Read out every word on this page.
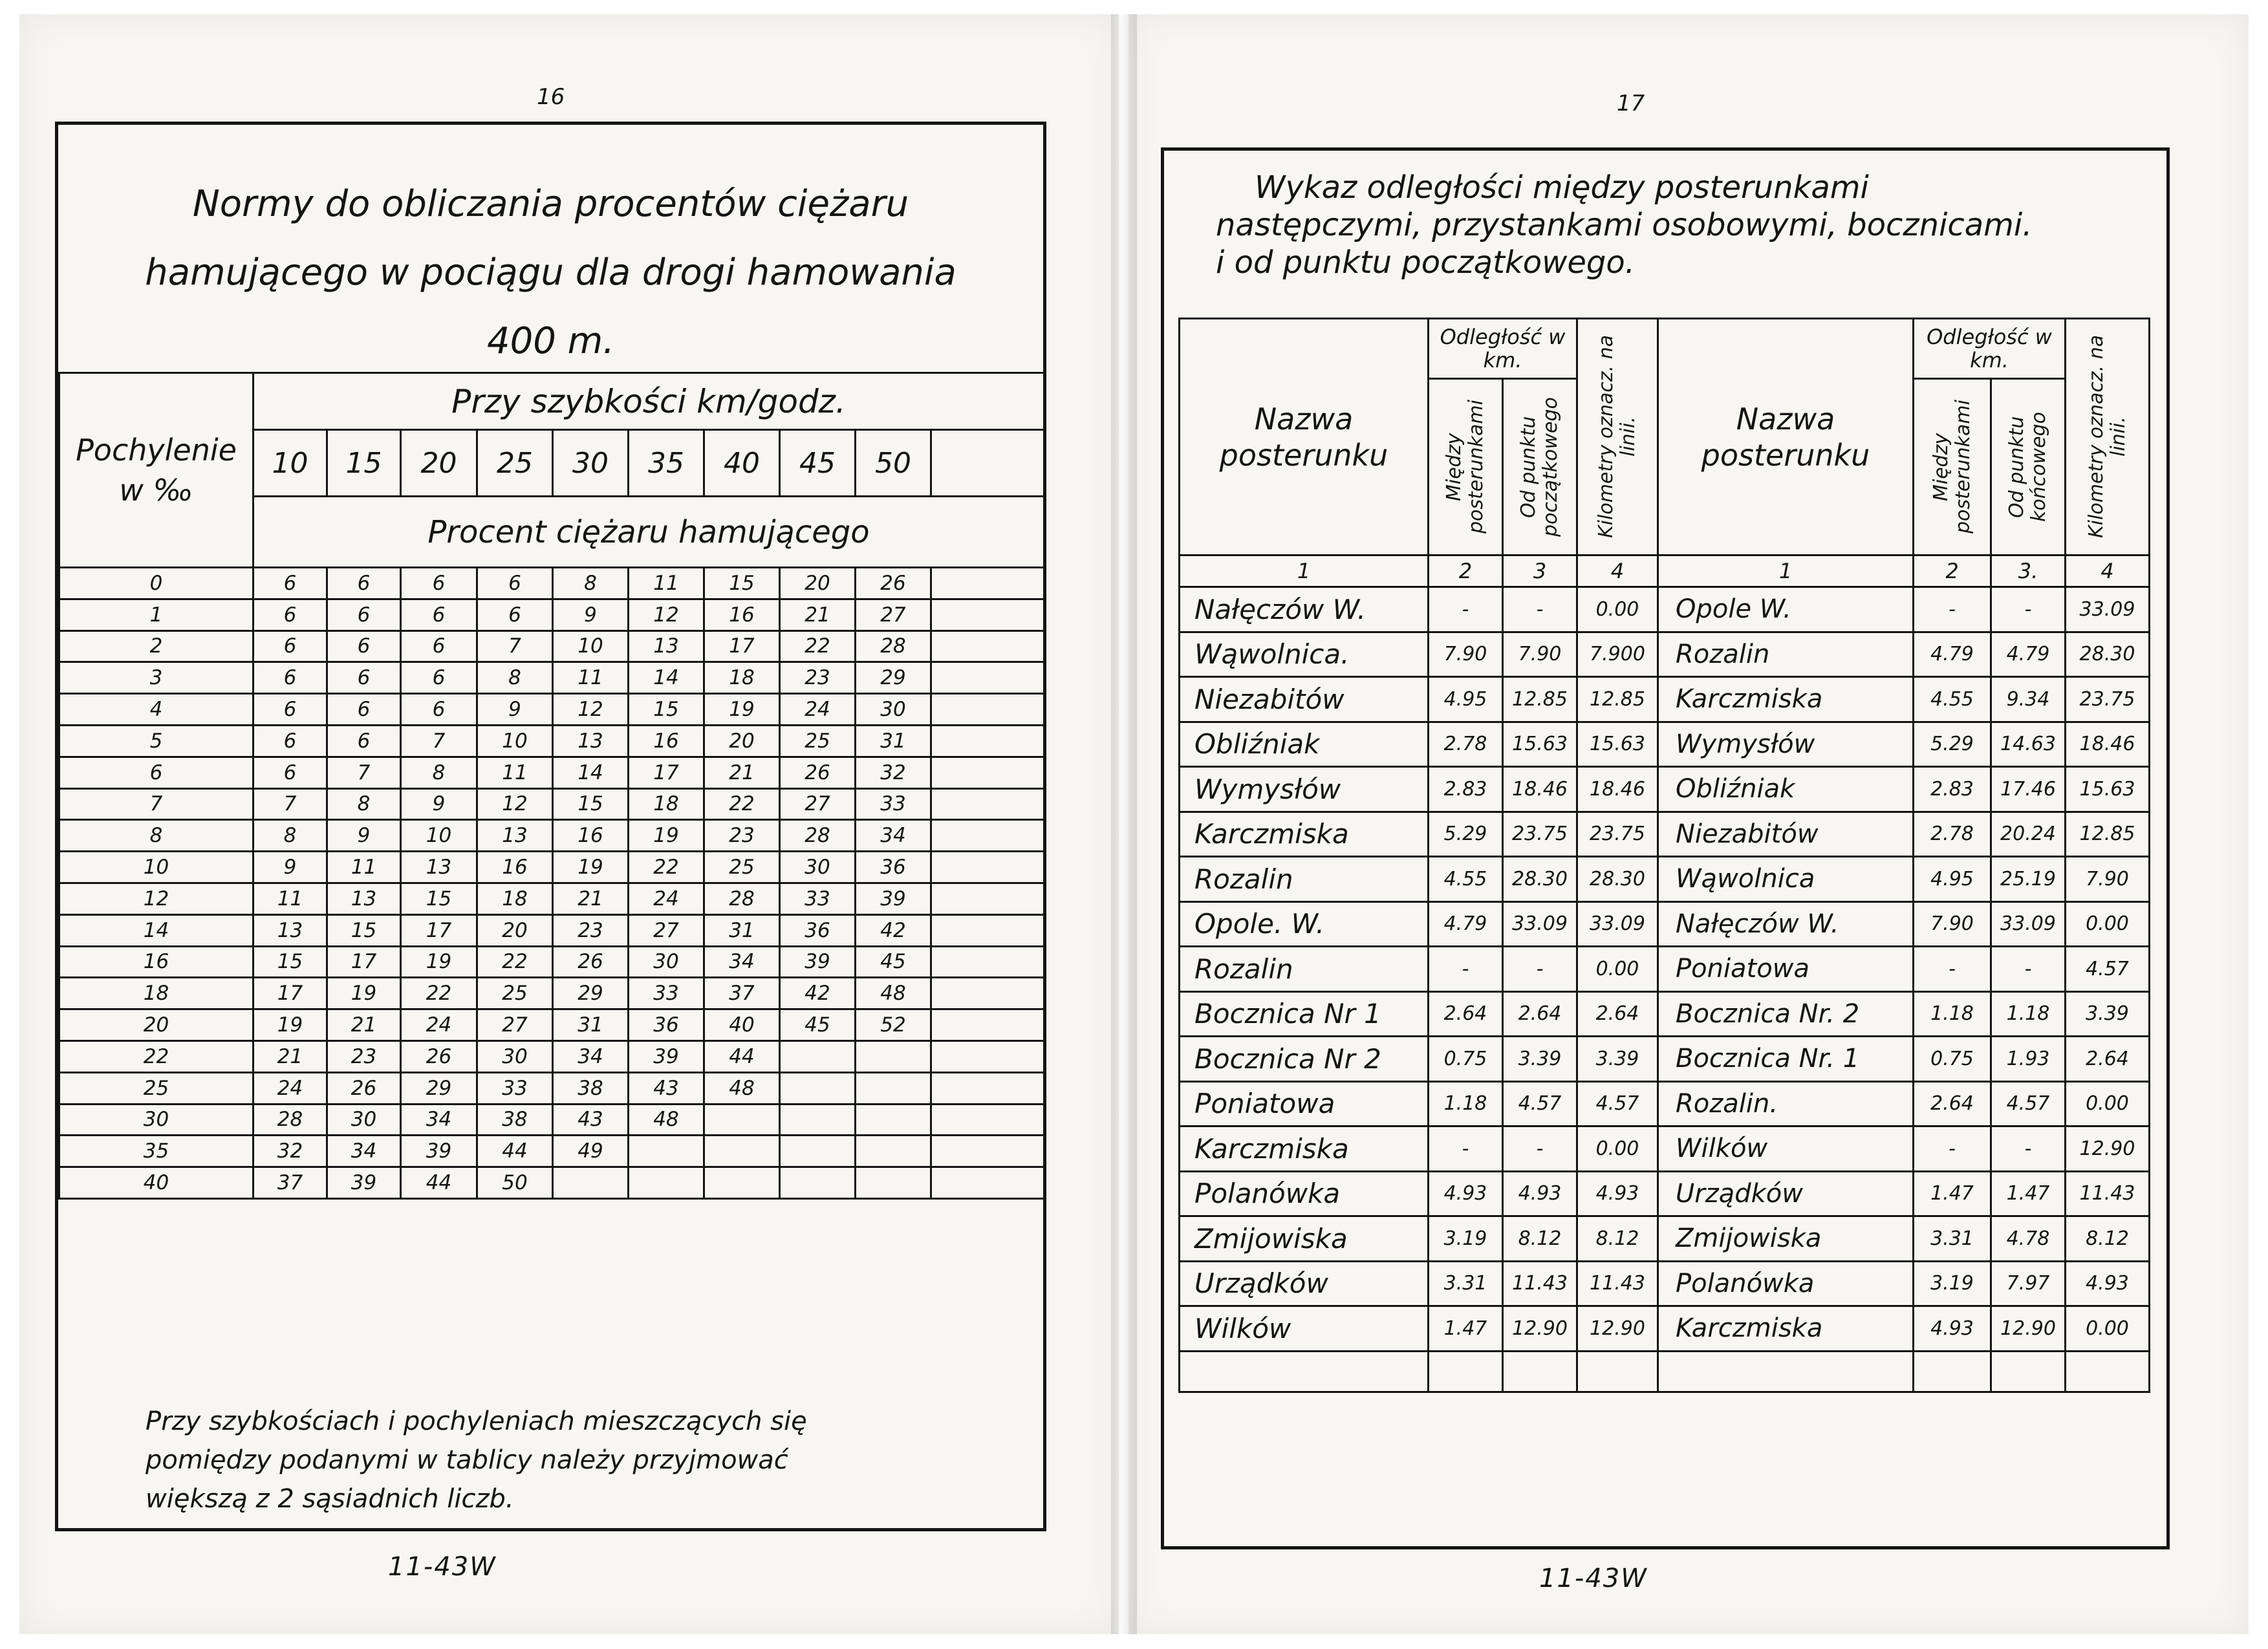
16
Normy do obliczania procentów ciężaru
hamującego w pociągu dla drogi hamowania
400 m.
Pochylenie w ‰	Przy szybkości km/godz.									
	10	15	20	25	30	35	40	45	50	
	Procent ciężaru hamującego									
0	6	6	6	6	8	11	15	20	26	
1	6	6	6	6	9	12	16	21	27	
2	6	6	6	7	10	13	17	22	28	
3	6	6	6	8	11	14	18	23	29	
4	6	6	6	9	12	15	19	24	30	
5	6	6	7	10	13	16	20	25	31	
6	6	7	8	11	14	17	21	26	32	
7	7	8	9	12	15	18	22	27	33	
8	8	9	10	13	16	19	23	28	34	
10	9	11	13	16	19	22	25	30	36	
12	11	13	15	18	21	24	28	33	39	
14	13	15	17	20	23	27	31	36	42	
16	15	17	19	22	26	30	34	39	45	
18	17	19	22	25	29	33	37	42	48	
20	19	21	24	27	31	36	40	45	52	
22	21	23	26	30	34	39	44			
25	24	26	29	33	38	43	48			
30	28	30	34	38	43	48				
35	32	34	39	44	49					
40	37	39	44	50						
Przy szybkościach i pochyleniach mieszczących się
pomiędzy podanymi w tablicy należy przyjmować
większą z 2 sąsiadnich liczb.
11-43W
17
Wykaz odległości między posterunkami
następczymi, przystankami osobowymi, bocznicami.
i od punktu początkowego.
Nazwa posterunku	Odległość w km.		Kilometry oznacz. na linii.	Nazwa posterunku	Odległość w km.		Kilometry oznacz. na linii.

	Między posterunkami	Od punktu początkowego			Między posterunkami	Od punktu końcowego	

1	2	3	4	1	2	3.	4
Nałęczów W.	-	-	0.00	Opole W.	-	-	33.09
Wąwolnica.	7.90	7.90	7.900	Rozalin	4.79	4.79	28.30
Niezabitów	4.95	12.85	12.85	Karczmiska	4.55	9.34	23.75
Obliźniak	2.78	15.63	15.63	Wymysłów	5.29	14.63	18.46
Wymysłów	2.83	18.46	18.46	Obliźniak	2.83	17.46	15.63
Karczmiska	5.29	23.75	23.75	Niezabitów	2.78	20.24	12.85
Rozalin	4.55	28.30	28.30	Wąwolnica	4.95	25.19	7.90
Opole. W.	4.79	33.09	33.09	Nałęczów W.	7.90	33.09	0.00
Rozalin	-	-	0.00	Poniatowa	-	-	4.57
Bocznica Nr 1	2.64	2.64	2.64	Bocznica Nr. 2	1.18	1.18	3.39
Bocznica Nr 2	0.75	3.39	3.39	Bocznica Nr. 1	0.75	1.93	2.64
Poniatowa	1.18	4.57	4.57	Rozalin.	2.64	4.57	0.00
Karczmiska	-	-	0.00	Wilków	-	-	12.90
Polanówka	4.93	4.93	4.93	Urządków	1.47	1.47	11.43
Zmijowiska	3.19	8.12	8.12	Zmijowiska	3.31	4.78	8.12
Urządków	3.31	11.43	11.43	Polanówka	3.19	7.97	4.93
Wilków	1.47	12.90	12.90	Karczmiska	4.93	12.90	0.00

11-43W
